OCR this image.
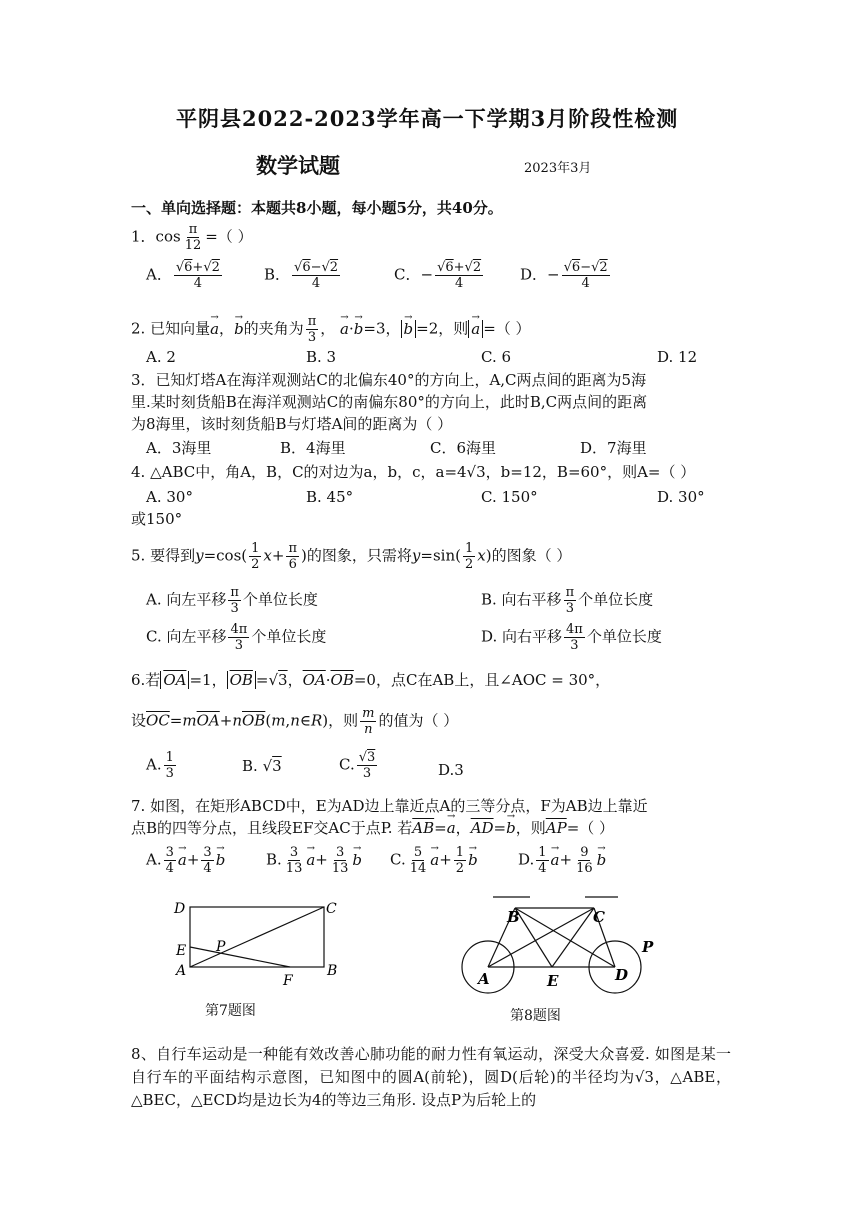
平阴县2022-2023学年高一下学期3月阶段性检测
数学试题	2023年3月
一、单向选择题：本题共8小题，每小题5分，共40分。
1．$\cos \frac{\pi}{12}$ =（ ）
A． $\frac{√6+√2}{4}$	B． $\frac{√6-√2}{4}$	C．− $\frac{√6+√2}{4}$ D．− $\frac{√6-√2}{4}$
2. 已知向量→ a，→ b的夹角为 $\frac{\pi}{3}$ ， → a·→ b=3， → b =2，则 → a =（ ）
A. 2	B. 3	C. 6	D. 12
3．已知灯塔A在海洋观测站C的北偏东40°的方向上，A,C两点间的距离为5海
里.某时刻货船B在海洋观测站C的南偏东80°的方向上，此时B,C两点间的距离
为8海里，该时刻货船B与灯塔A间的距离为（ ）
A．3海里	B．4海里	C．6海里	D．7海里
4. △ABC中，角A，B，C的对边为a，b，c，a=4√3，b=12，B=60°，则A=（ ）
A. 30°	B. 45°	C. 150°	D. 30°
或150°
5. 要得到$y=\cos( \frac{1}{2} x+ \frac{\pi}{6}$ )的图象，只需将$y=\sin( \frac{1}{2} x)$的图象（ ）
A. 向左平移 $\frac{\pi}{3}$ 个单位长度	B. 向右平移 $\frac{\pi}{3}$ 个单位长度
C. 向左平移 $\frac{4\pi}{3}$ 个单位长度	D. 向右平移 $\frac{4\pi}{3}$ 个单位长度
6.若 $\overline{OA} =1$， $\overline{OB} =√3$，$\overline{OA}\cdot\overline{OB}=0$，点C在AB上，且∠AOC = 30°，
设$\overline{OC}=m\overline{OA}+n\overline{OB}(m,n\in R)$，则 $\frac{m}{n}$ 的值为（ ）
A. $\frac{1}{3}$	B. √3	C. $\frac{√3}{3}$	D.3
7. 如图，在矩形ABCD中，E为AD边上靠近点A的三等分点，F为AB边上靠近
点B的四等分点，且线段EF交AC于点P. 若$\overline{AB}=\to a$，$\overline{AD}=\to b$，则$\overline{AP}=$（ ）
A. $\frac{3}{4} \to a+ \frac{3}{4} \to b$	B. $\frac{3}{13} \to a+ \frac{3}{13} \to b$ C. $\frac{5}{14} \to a+ \frac{1}{2} \to b$	D. $\frac{1}{4} \to a+ \frac{9}{16} \to b$
D	C
E P
A
F
B
第7题图
B	C
P
A	E	D
第8题图
8、自行车运动是一种能有效改善心肺功能的耐力性有氧运动，深受大众喜爱. 如图是某一自行车的平面结构示意图，已知图中的圆A(前轮)，圆D(后轮)的半径均为√3，△ABE，△BEC，△ECD均是边长为4的等边三角形. 设点P为后轮上的
